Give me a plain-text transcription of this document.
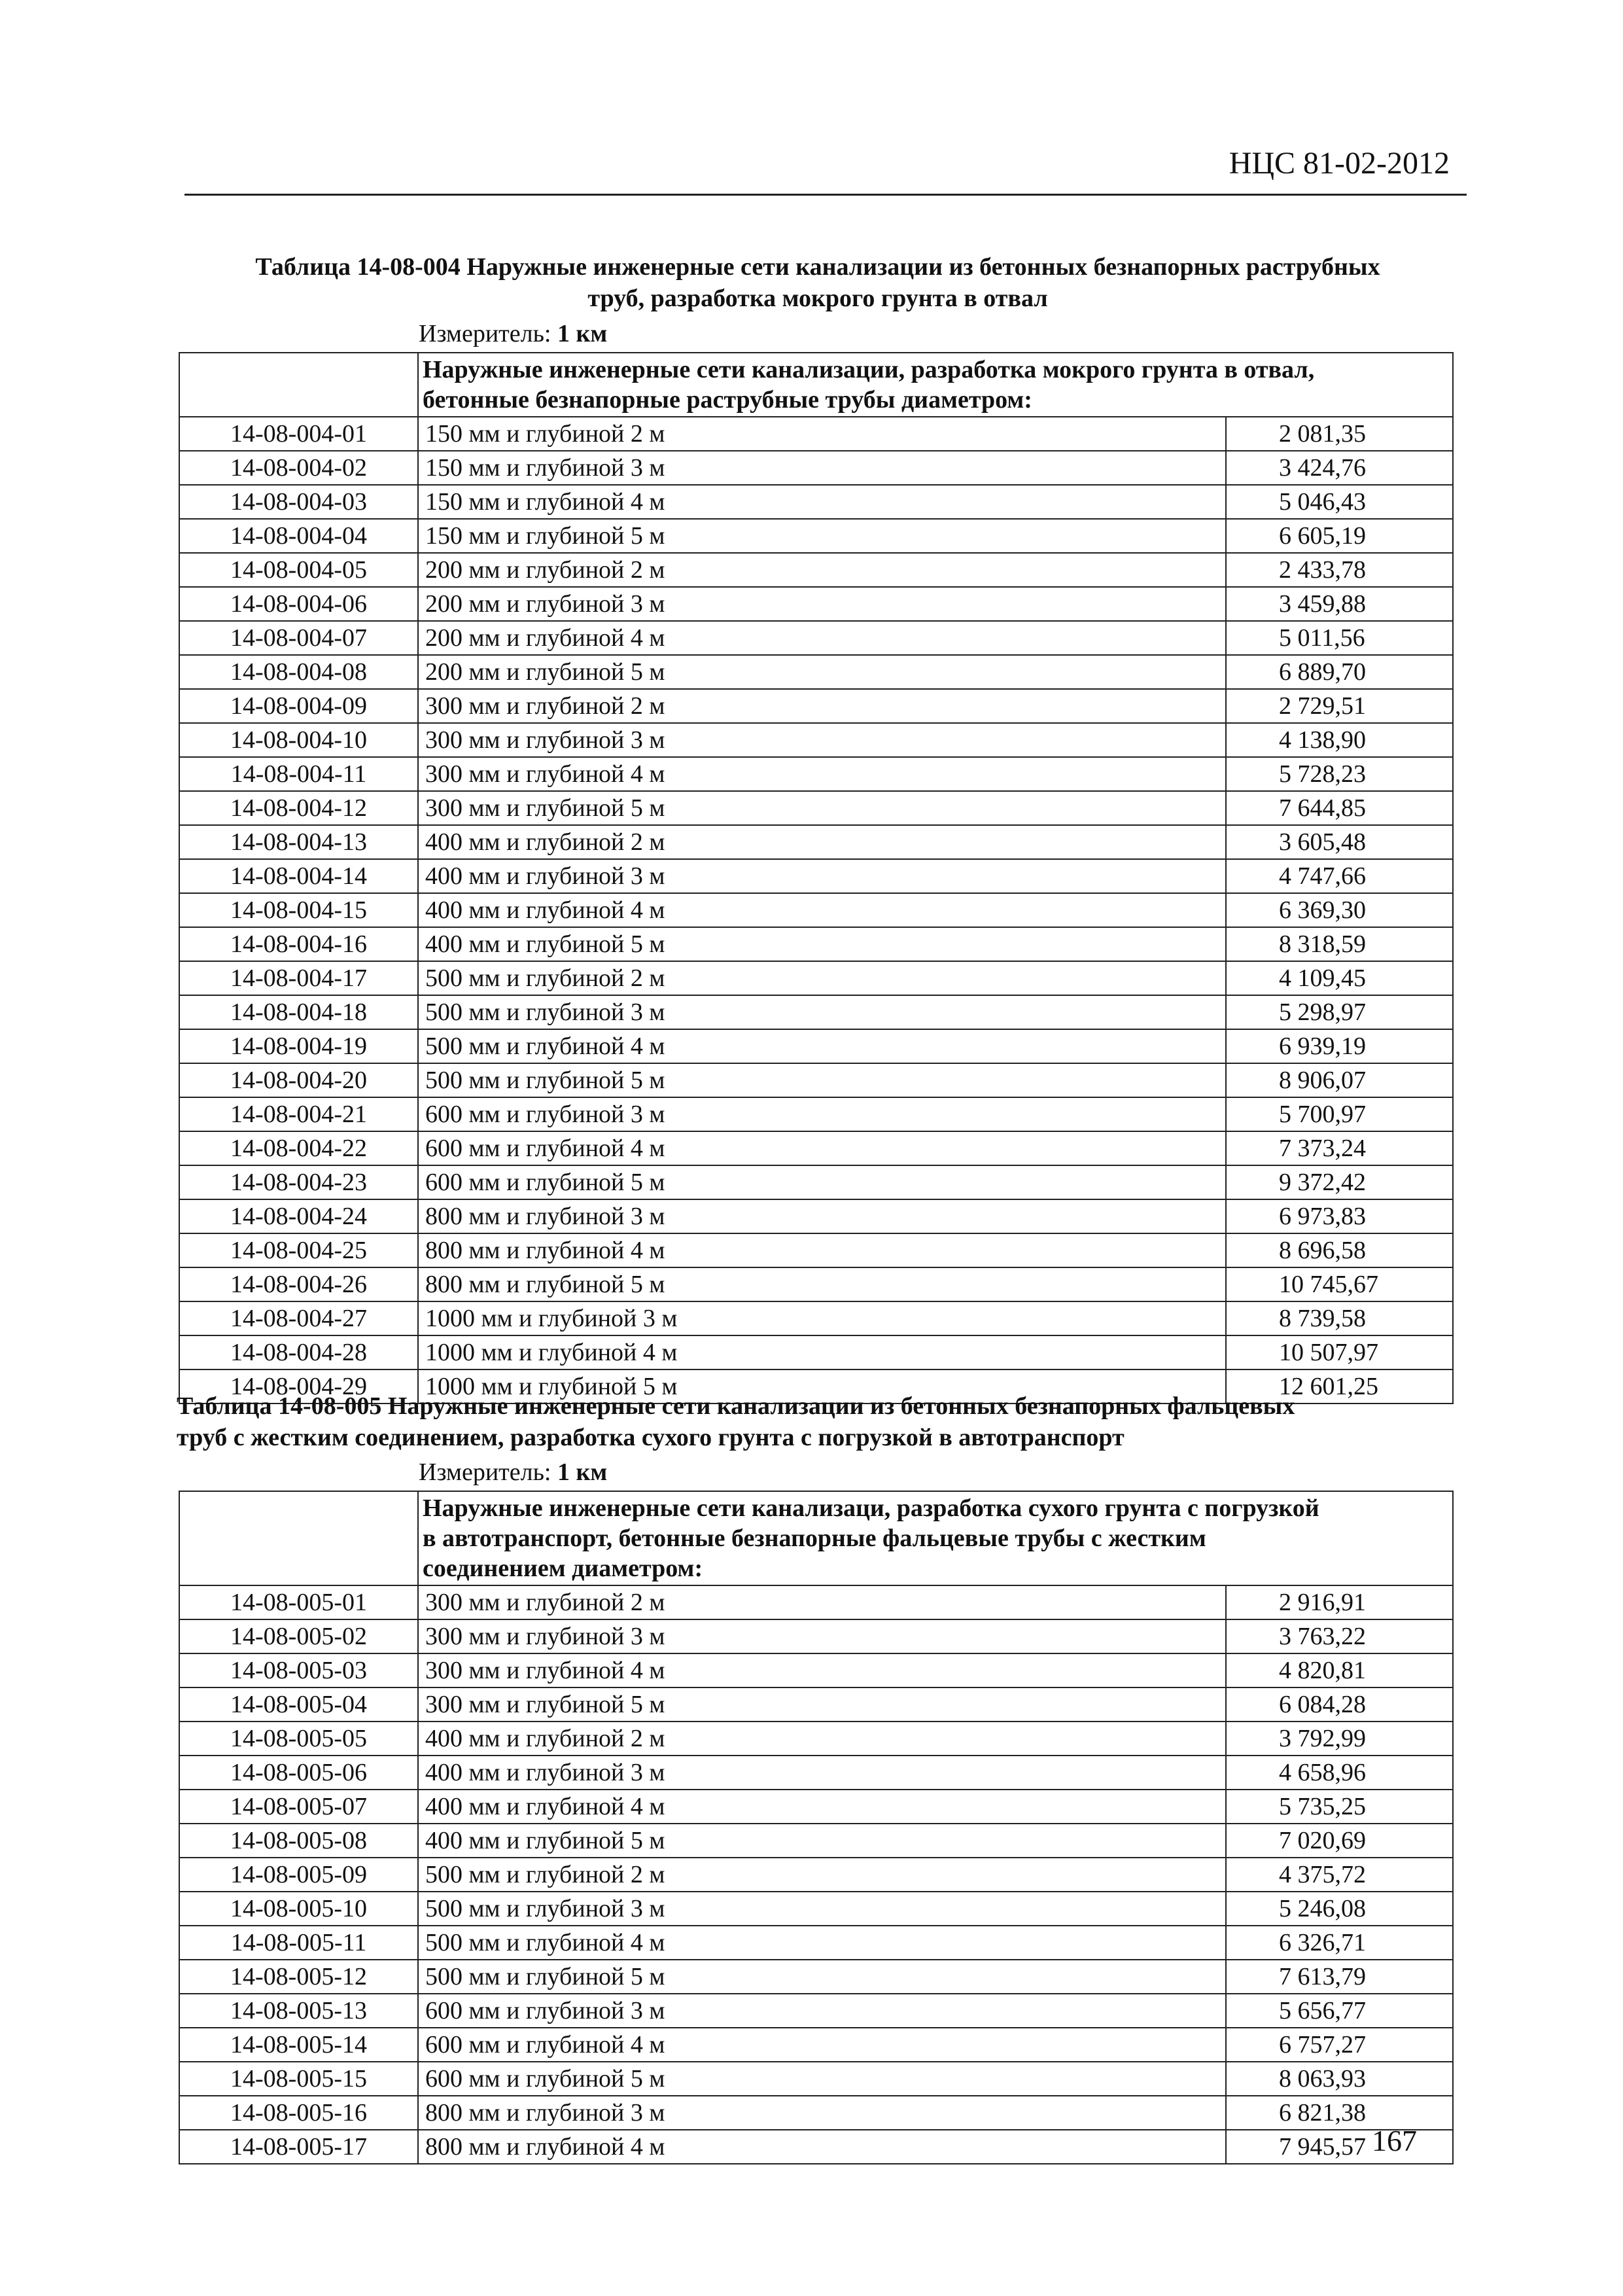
НЦС 81-02-2012
Таблица 14-08-004 Наружные инженерные сети канализации из бетонных безнапорных раструбных
труб, разработка мокрого грунта в отвал
Измеритель: 1 км

	Наружные инженерные сети канализации, разработка мокрого грунта в отвал,
бетонные безнапорные раструбные трубы диаметром:	

14-08-004-01	150 мм и глубиной 2 м	2 081,35
14-08-004-02	150 мм и глубиной 3 м	3 424,76
14-08-004-03	150 мм и глубиной 4 м	5 046,43
14-08-004-04	150 мм и глубиной 5 м	6 605,19
14-08-004-05	200 мм и глубиной 2 м	2 433,78
14-08-004-06	200 мм и глубиной 3 м	3 459,88
14-08-004-07	200 мм и глубиной 4 м	5 011,56
14-08-004-08	200 мм и глубиной 5 м	6 889,70
14-08-004-09	300 мм и глубиной 2 м	2 729,51
14-08-004-10	300 мм и глубиной 3 м	4 138,90
14-08-004-11	300 мм и глубиной 4 м	5 728,23
14-08-004-12	300 мм и глубиной 5 м	7 644,85
14-08-004-13	400 мм и глубиной 2 м	3 605,48
14-08-004-14	400 мм и глубиной 3 м	4 747,66
14-08-004-15	400 мм и глубиной 4 м	6 369,30
14-08-004-16	400 мм и глубиной 5 м	8 318,59
14-08-004-17	500 мм и глубиной 2 м	4 109,45
14-08-004-18	500 мм и глубиной 3 м	5 298,97
14-08-004-19	500 мм и глубиной 4 м	6 939,19
14-08-004-20	500 мм и глубиной 5 м	8 906,07
14-08-004-21	600 мм и глубиной 3 м	5 700,97
14-08-004-22	600 мм и глубиной 4 м	7 373,24
14-08-004-23	600 мм и глубиной 5 м	9 372,42
14-08-004-24	800 мм и глубиной 3 м	6 973,83
14-08-004-25	800 мм и глубиной 4 м	8 696,58
14-08-004-26	800 мм и глубиной 5 м	10 745,67
14-08-004-27	1000 мм и глубиной 3 м	8 739,58
14-08-004-28	1000 мм и глубиной 4 м	10 507,97
14-08-004-29	1000 мм и глубиной 5 м	12 601,25
Таблица 14-08-005 Наружные инженерные сети канализации из бетонных безнапорных фальцевых
труб с жестким соединением, разработка сухого грунта с погрузкой в автотранспорт
Измеритель: 1 км

	Наружные инженерные сети канализаци, разработка сухого грунта с погрузкой
в автотранспорт, бетонные безнапорные фальцевые трубы с жестким
соединением диаметром:	

14-08-005-01	300 мм и глубиной 2 м	2 916,91
14-08-005-02	300 мм и глубиной 3 м	3 763,22
14-08-005-03	300 мм и глубиной 4 м	4 820,81
14-08-005-04	300 мм и глубиной 5 м	6 084,28
14-08-005-05	400 мм и глубиной 2 м	3 792,99
14-08-005-06	400 мм и глубиной 3 м	4 658,96
14-08-005-07	400 мм и глубиной 4 м	5 735,25
14-08-005-08	400 мм и глубиной 5 м	7 020,69
14-08-005-09	500 мм и глубиной 2 м	4 375,72
14-08-005-10	500 мм и глубиной 3 м	5 246,08
14-08-005-11	500 мм и глубиной 4 м	6 326,71
14-08-005-12	500 мм и глубиной 5 м	7 613,79
14-08-005-13	600 мм и глубиной 3 м	5 656,77
14-08-005-14	600 мм и глубиной 4 м	6 757,27
14-08-005-15	600 мм и глубиной 5 м	8 063,93
14-08-005-16	800 мм и глубиной 3 м	6 821,38
14-08-005-17	800 мм и глубиной 4 м	7 945,57 167
